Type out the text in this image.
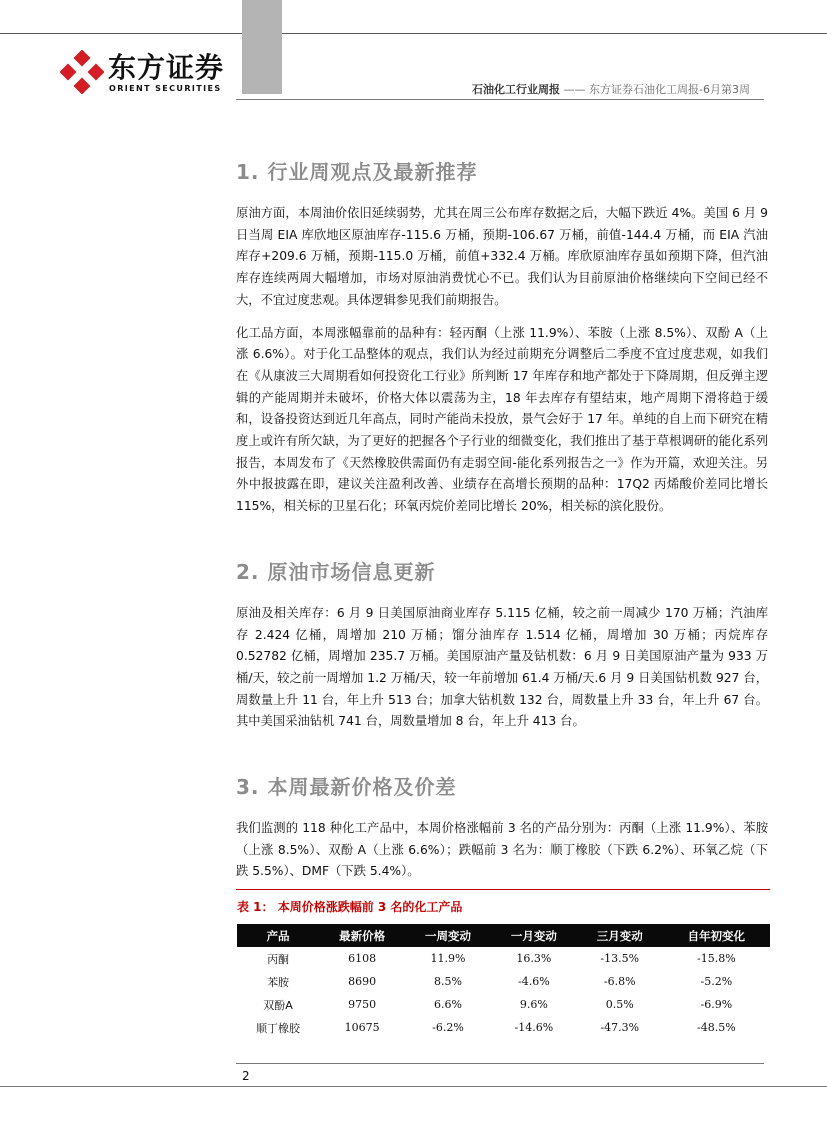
东方证券
ORIENT SECURITIES	石油化工行业周报 —— 东方证券石油化工周报-6月第3周
1. 行业周观点及最新推荐

原油方面，本周油价依旧延续弱势，尤其在周三公布库存数据之后，大幅下跌近 4%。美国 6 月 9 日当周 EIA 库欣地区原油库存-115.6 万桶，预期-106.67 万桶，前值-144.4 万桶，而 EIA 汽油库存+209.6 万桶，预期-115.0 万桶，前值+332.4 万桶。库欣原油库存虽如预期下降，但汽油库存连续两周大幅增加，市场对原油消费忧心不已。我们认为目前原油价格继续向下空间已经不大，不宜过度悲观。具体逻辑参见我们前期报告。

化工品方面，本周涨幅靠前的品种有：轻丙酮（上涨 11.9%）、苯胺（上涨 8.5%）、双酚 A（上涨 6.6%）。对于化工品整体的观点，我们认为经过前期充分调整后二季度不宜过度悲观，如我们在《从康波三大周期看如何投资化工行业》所判断 17 年库存和地产都处于下降周期，但反弹主逻辑的产能周期并未破坏，价格大体以震荡为主，18 年去库存有望结束，地产周期下滑将趋于缓和，设备投资达到近几年高点，同时产能尚未投放，景气会好于 17 年。单纯的自上而下研究在精度上或许有所欠缺，为了更好的把握各个子行业的细微变化，我们推出了基于草根调研的能化系列报告，本周发布了《天然橡胶供需面仍有走弱空间-能化系列报告之一》作为开篇，欢迎关注。另外中报披露在即，建议关注盈利改善、业绩存在高增长预期的品种：17Q2 丙烯酸价差同比增长 115%，相关标的卫星石化；环氧丙烷价差同比增长 20%，相关标的滨化股份。

2. 原油市场信息更新

原油及相关库存：6 月 9 日美国原油商业库存 5.115 亿桶，较之前一周减少 170 万桶；汽油库存 2.424 亿桶，周增加 210 万桶；馏分油库存 1.514 亿桶，周增加 30 万桶；丙烷库存 0.52782 亿桶，周增加 235.7 万桶。美国原油产量及钻机数：6 月 9 日美国原油产量为 933 万桶/天，较之前一周增加 1.2 万桶/天，较一年前增加 61.4 万桶/天.6 月 9 日美国钻机数 927 台，周数量上升 11 台，年上升 513 台；加拿大钻机数 132 台，周数量上升 33 台，年上升 67 台。其中美国采油钻机 741 台，周数量增加 8 台，年上升 413 台。

3. 本周最新价格及价差

我们监测的 118 种化工产品中，本周价格涨幅前 3 名的产品分别为：丙酮（上涨 11.9%）、苯胺（上涨 8.5%）、双酚 A（上涨 6.6%）；跌幅前 3 名为：顺丁橡胶（下跌 6.2%）、环氧乙烷（下跌 5.5%）、DMF（下跌 5.4%）。

表 1： 本周价格涨跌幅前 3 名的化工产品
产品	最新价格	一周变动	一月变动	三月变动	自年初变化
丙酮	6108	11.9%	16.3%	-13.5%	-15.8%
苯胺	8690	8.5%	-4.6%	-6.8%	-5.2%
双酚A	9750	6.6%	9.6%	0.5%	-6.9%
顺丁橡胶	10675	-6.2%	-14.6%	-47.3%	-48.5%
2
